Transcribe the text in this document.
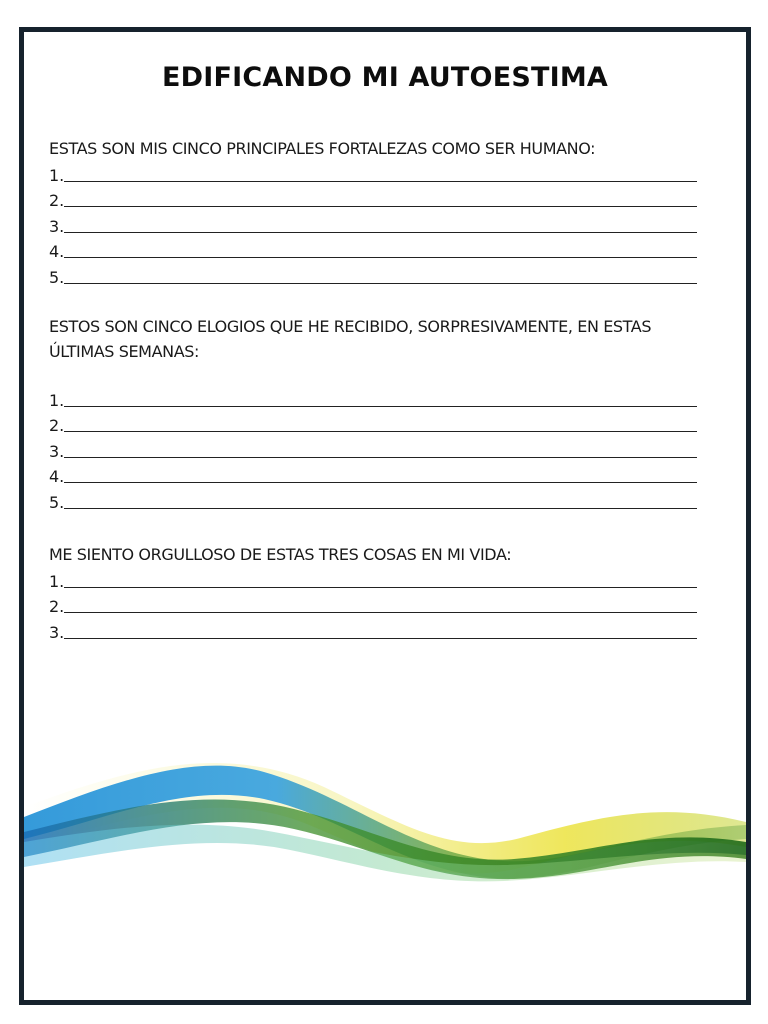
EDIFICANDO MI AUTOESTIMA

ESTAS SON MIS CINCO PRINCIPALES FORTALEZAS COMO SER HUMANO:

1.
2.
3.
4.
5.

ESTOS SON CINCO ELOGIOS QUE HE RECIBIDO, SORPRESIVAMENTE, EN ESTAS ÚLTIMAS SEMANAS:

1.
2.
3.
4.
5.

ME SIENTO ORGULLOSO DE ESTAS TRES COSAS EN MI VIDA:

1.
2.
3.
